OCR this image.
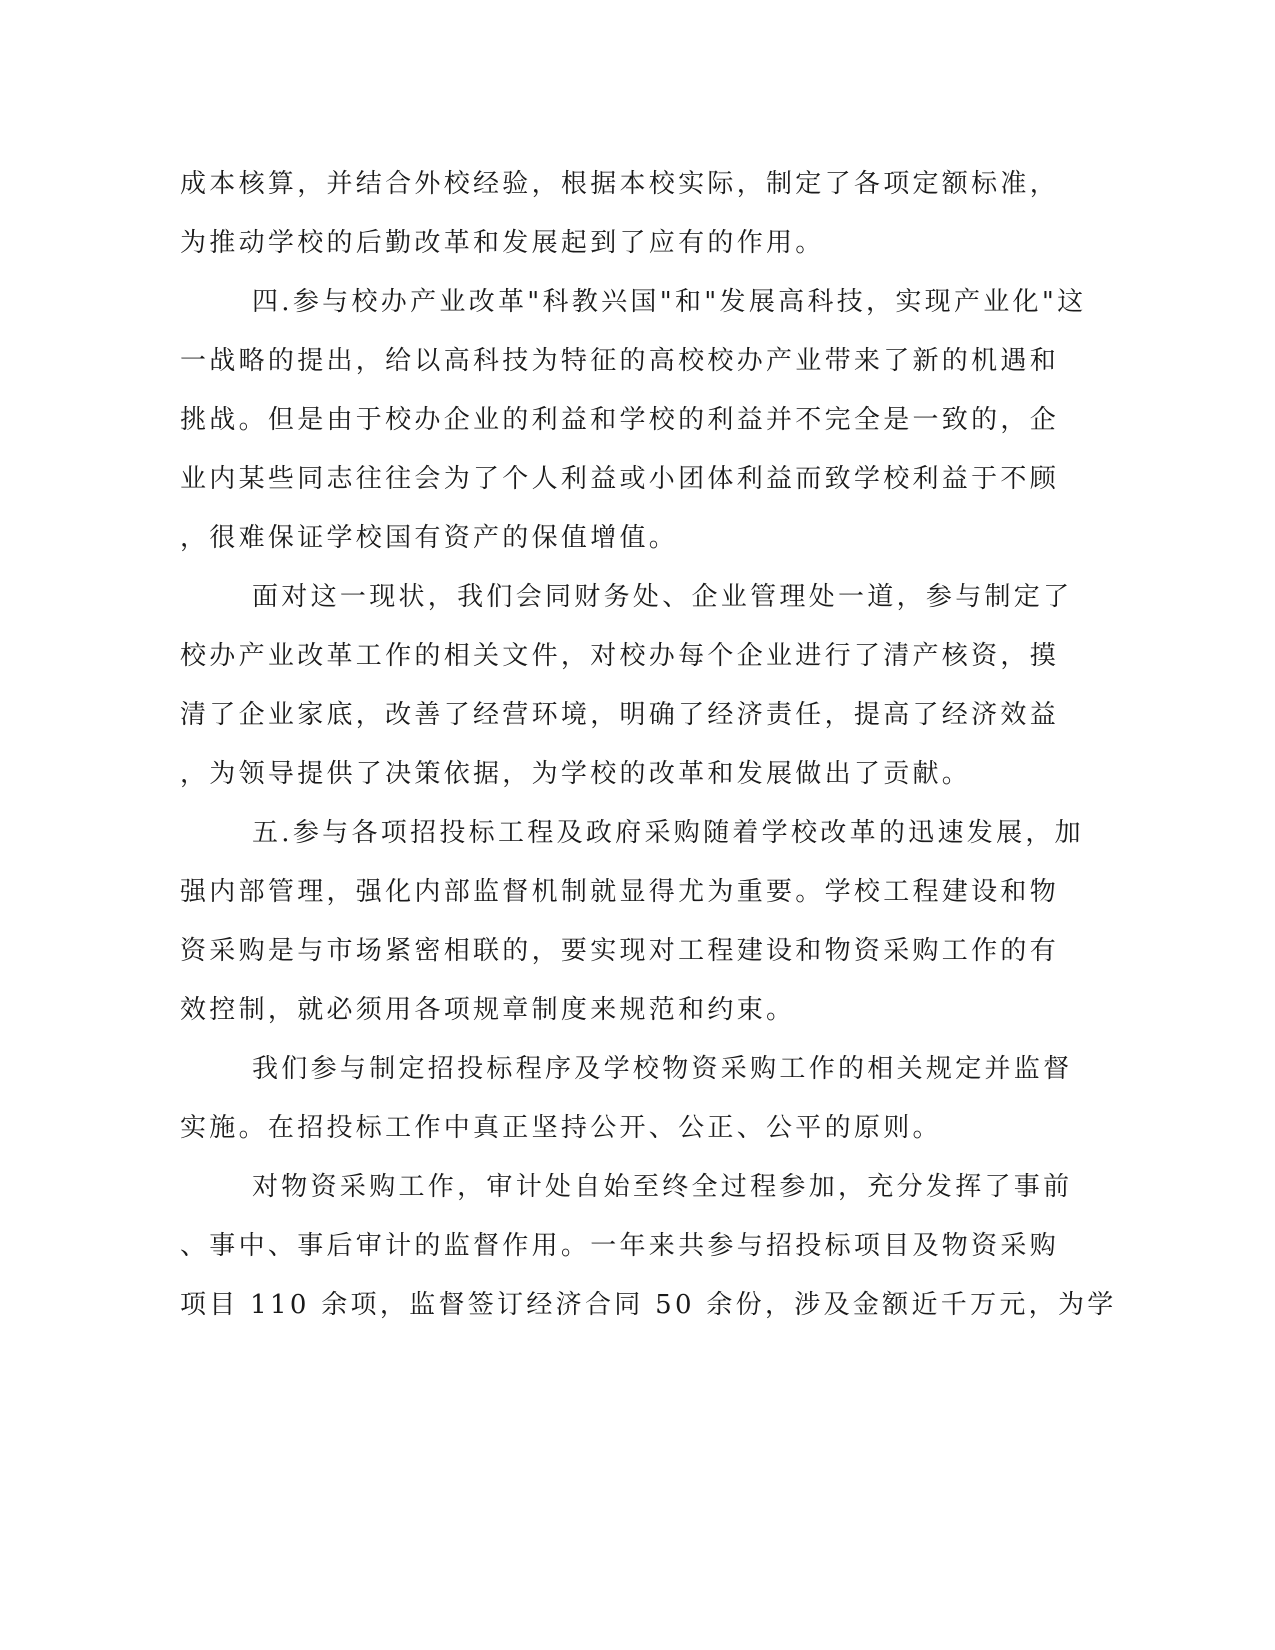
成本核算，并结合外校经验，根据本校实际，制定了各项定额标准，
为推动学校的后勤改革和发展起到了应有的作用。
四.参与校办产业改革"科教兴国"和"发展高科技，实现产业化"这
一战略的提出，给以高科技为特征的高校校办产业带来了新的机遇和
挑战。但是由于校办企业的利益和学校的利益并不完全是一致的，企
业内某些同志往往会为了个人利益或小团体利益而致学校利益于不顾
，很难保证学校国有资产的保值增值。
面对这一现状，我们会同财务处、企业管理处一道，参与制定了
校办产业改革工作的相关文件，对校办每个企业进行了清产核资，摸
清了企业家底，改善了经营环境，明确了经济责任，提高了经济效益
，为领导提供了决策依据，为学校的改革和发展做出了贡献。
五.参与各项招投标工程及政府采购随着学校改革的迅速发展，加
强内部管理，强化内部监督机制就显得尤为重要。学校工程建设和物
资采购是与市场紧密相联的，要实现对工程建设和物资采购工作的有
效控制，就必须用各项规章制度来规范和约束。
我们参与制定招投标程序及学校物资采购工作的相关规定并监督
实施。在招投标工作中真正坚持公开、公正、公平的原则。
对物资采购工作，审计处自始至终全过程参加，充分发挥了事前
、事中、事后审计的监督作用。一年来共参与招投标项目及物资采购
项目 110 余项，监督签订经济合同 50 余份，涉及金额近千万元，为学
